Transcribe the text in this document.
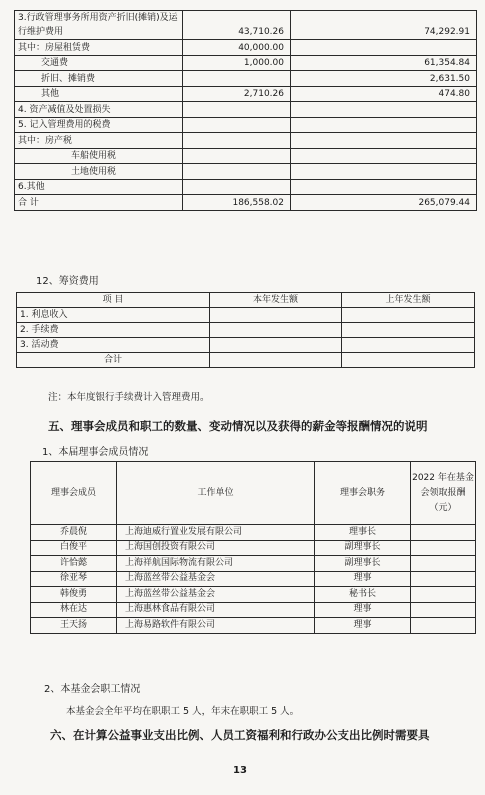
3.行政管理事务所用资产折旧(摊销)及运行维护费用	43,710.26	74,292.91
其中：房屋租赁费	40,000.00	
交通费	1,000.00	61,354.84
折旧、摊销费		2,631.50
其他	2,710.26	474.80
4. 资产减值及处置损失		
5. 记入管理费用的税费		
其中：房产税		
车船使用税		
土地使用税		
6.其他		
合 计	186,558.02	265,079.44
12、筹资费用
项 目	本年发生额	上年发生额
1. 利息收入		
2. 手续费		
3. 活动费		
合计		
注：本年度银行手续费计入管理费用。
五、理事会成员和职工的数量、变动情况以及获得的薪金等报酬情况的说明
1、本届理事会成员情况
理事会成员	工作单位	理事会职务	2022 年在基金会领取报酬（元）
乔晨倪	上海迪威行置业发展有限公司	理事长	
白俊平	上海国创投资有限公司	副理事长	
许恰懿	上海祥航国际物流有限公司	副理事长	
徐亚琴	上海蓝丝带公益基金会	理事	
韩俊勇	上海蓝丝带公益基金会	秘书长	
林在达	上海惠林食品有限公司	理事	
王天扬	上海易路软件有限公司	理事	
2、本基金会职工情况
本基金会全年平均在职职工 5 人，年末在职职工 5 人。
六、在计算公益事业支出比例、人员工资福利和行政办公支出比例时需要具
13
